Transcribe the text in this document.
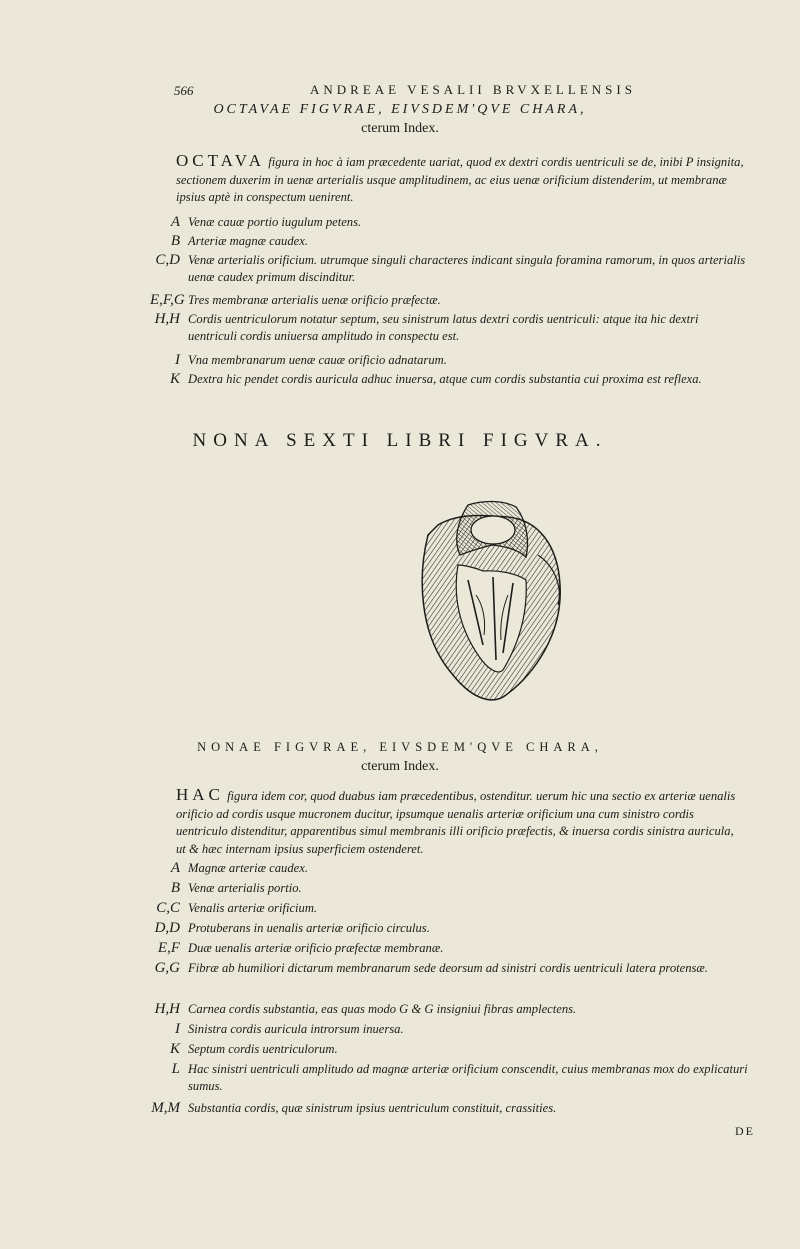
566	ANDREAE VESALII BRVXELLENSIS
OCTAVAE FIGVRAE, EIVSDEM'QVE CHARA,
cterum Index.
OCTAVA figura in hoc à iam præcedente uariat, quod ex dextri cordis uentriculi se de, inibi P insignita, sectionem duxerim in uenæ arterialis usque amplitudinem, ac eius uenæ orificium distenderim, ut membranæ ipsius aptè in conspectum uenirent.
A Venæ cauæ portio iugulum petens.
B Arteriæ magnæ caudex.
C,D Venæ arterialis orificium. utrumque singuli characteres indicant singula foramina ramorum, in quos arterialis uenæ caudex primum discinditur.
E,F,G Tres membranæ arterialis uenæ orificio præfectæ.
H,H Cordis uentriculorum notatur septum, seu sinistrum latus dextri cordis uentriculi: atque ita hic dextri uentriculi cordis uniuersa amplitudo in conspectu est.
I Vna membranarum uenæ cauæ orificio adnatarum.
K Dextra hic pendet cordis auricula adhuc inuersa, atque cum cordis substantia cui proxima est reflexa.
NONA SEXTI LIBRI FIGVRA.
NONAE FIGVRAE, EIVSDEM'QVE CHARA,
cterum Index.
HAC figura idem cor, quod duabus iam præcedentibus, ostenditur. uerum hic una sectio ex arteriæ uenalis orificio ad cordis usque mucronem ducitur, ipsumque uenalis arteriæ orificium una cum sinistro cordis uentriculo distenditur, apparentibus simul membranis illi orificio præfectis, & inuersa cordis sinistra auricula, ut & hæc internam ipsius superficiem ostenderet.
A Magnæ arteriæ caudex.
B Venæ arterialis portio.
C,C Venalis arteriæ orificium.
D,D Protuberans in uenalis arteriæ orificio circulus.
E,F Duæ uenalis arteriæ orificio præfectæ membranæ.
G,G Fibræ ab humiliori dictarum membranarum sede deorsum ad sinistri cordis uentriculi latera protensæ.
H,H Carnea cordis substantia, eas quas modo G & G insigniui fibras amplectens.
I Sinistra cordis auricula introrsum inuersa.
K Septum cordis uentriculorum.
L Hac sinistri uentriculi amplitudo ad magnæ arteriæ orificium conscendit, cuius membranas mox do explicaturi sumus.
M,M Substantia cordis, quæ sinistrum ipsius uentriculum constituit, crassities.
DE
